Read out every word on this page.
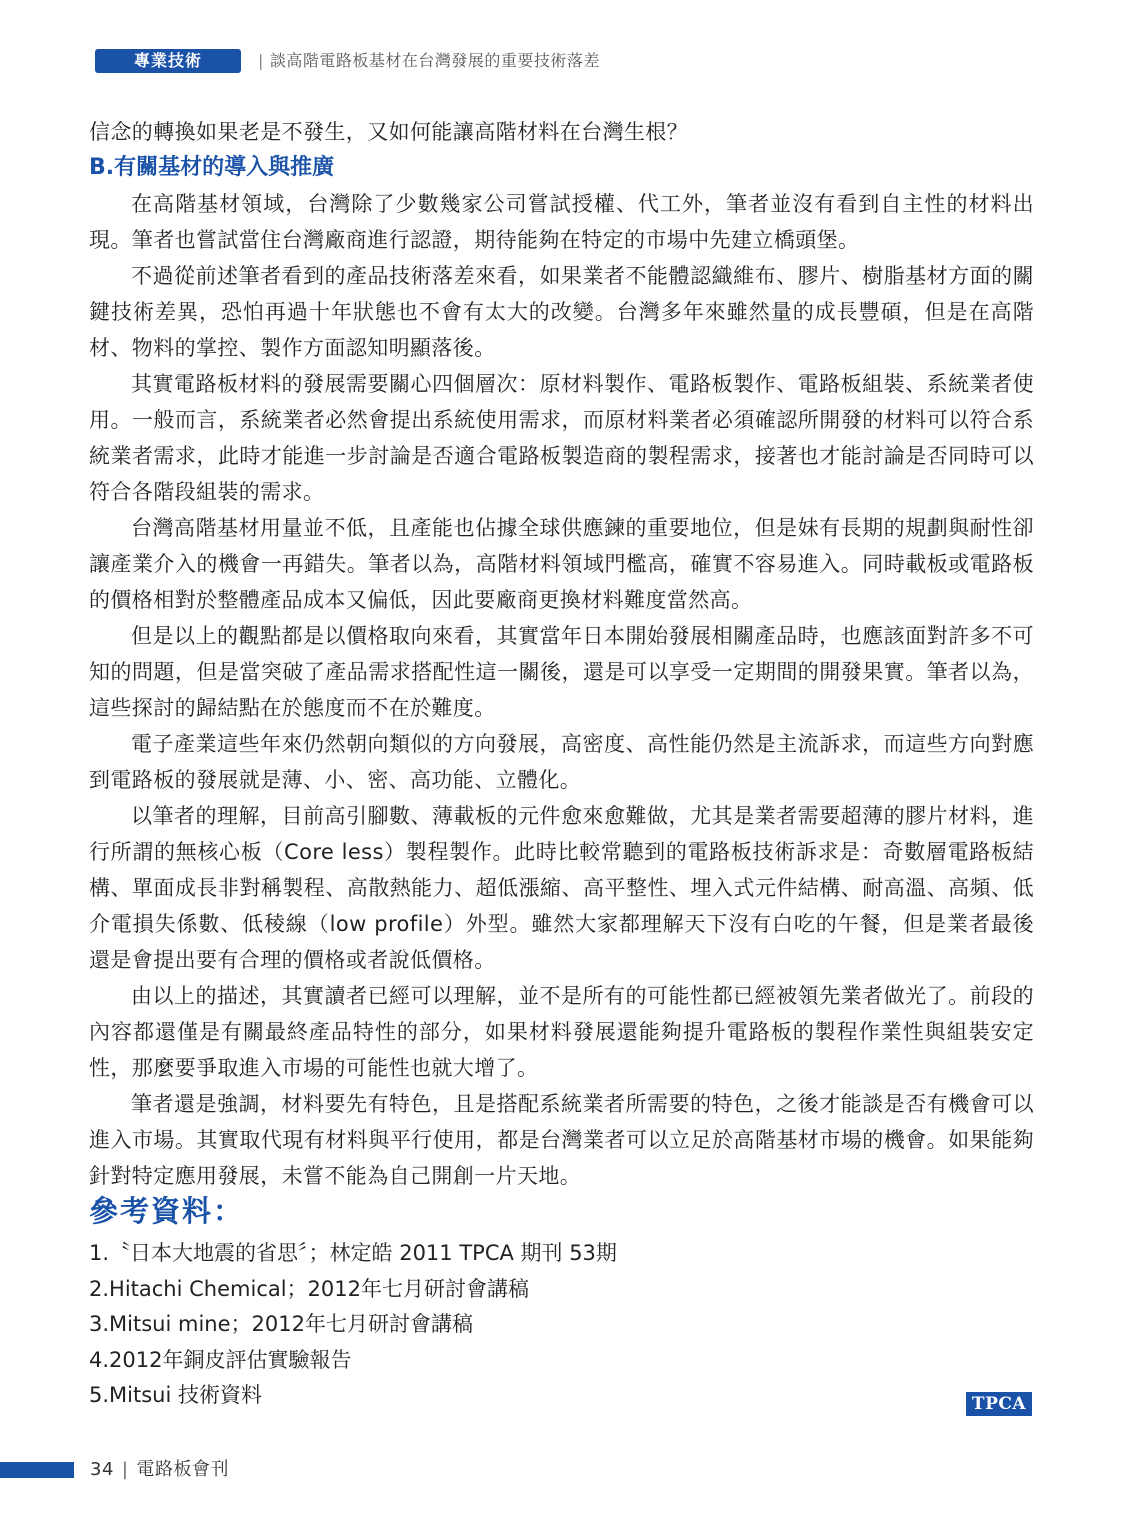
專業技術	| 談高階電路板基材在台灣發展的重要技術落差

信念的轉換如果老是不發生，又如何能讓高階材料在台灣生根？

B.有關基材的導入與推廣

在高階基材領域，台灣除了少數幾家公司嘗試授權、代工外，筆者並沒有看到自主性的材料出現。筆者也嘗試當住台灣廠商進行認證，期待能夠在特定的市場中先建立橋頭堡。

不過從前述筆者看到的產品技術落差來看，如果業者不能體認織維布、膠片、樹脂基材方面的關鍵技術差異，恐怕再過十年狀態也不會有太大的改變。台灣多年來雖然量的成長豐碩，但是在高階材、物料的掌控、製作方面認知明顯落後。

其實電路板材料的發展需要關心四個層次：原材料製作、電路板製作、電路板組裝、系統業者使用。一般而言，系統業者必然會提出系統使用需求，而原材料業者必須確認所開發的材料可以符合系統業者需求，此時才能進一步討論是否適合電路板製造商的製程需求，接著也才能討論是否同時可以符合各階段組裝的需求。

台灣高階基材用量並不低，且產能也佔據全球供應鍊的重要地位，但是妹有長期的規劃與耐性卻讓產業介入的機會一再錯失。筆者以為，高階材料領域門檻高，確實不容易進入。同時載板或電路板的價格相對於整體產品成本又偏低，因此要廠商更換材料難度當然高。

但是以上的觀點都是以價格取向來看，其實當年日本開始發展相關產品時，也應該面對許多不可知的問題，但是當突破了產品需求搭配性這一關後，還是可以享受一定期間的開發果實。筆者以為，這些探討的歸結點在於態度而不在於難度。

電子產業這些年來仍然朝向類似的方向發展，高密度、高性能仍然是主流訴求，而這些方向對應到電路板的發展就是薄、小、密、高功能、立體化。

以筆者的理解，目前高引腳數、薄載板的元件愈來愈難做，尤其是業者需要超薄的膠片材料，進行所謂的無核心板（Core less）製程製作。此時比較常聽到的電路板技術訴求是：奇數層電路板結構、單面成長非對稱製程、高散熱能力、超低漲縮、高平整性、埋入式元件結構、耐高溫、高頻、低介電損失係數、低稜線（low profile）外型。雖然大家都理解天下沒有白吃的午餐，但是業者最後還是會提出要有合理的價格或者說低價格。

由以上的描述，其實讀者已經可以理解，並不是所有的可能性都已經被領先業者做光了。前段的內容都還僅是有關最終產品特性的部分，如果材料發展還能夠提升電路板的製程作業性與組裝安定性，那麼要爭取進入市場的可能性也就大增了。

筆者還是強調，材料要先有特色，且是搭配系統業者所需要的特色，之後才能談是否有機會可以進入市場。其實取代現有材料與平行使用，都是台灣業者可以立足於高階基材市場的機會。如果能夠針對特定應用發展，未嘗不能為自己開創一片天地。

參考資料：

1.〝日本大地震的省思〞；林定皓 2011 TPCA 期刊 53期

2.Hitachi Chemical；2012年七月研討會講稿

3.Mitsui mine；2012年七月研討會講稿

4.2012年銅皮評估實驗報告

5.Mitsui 技術資料	TPCA
34 | 電路板會刊
